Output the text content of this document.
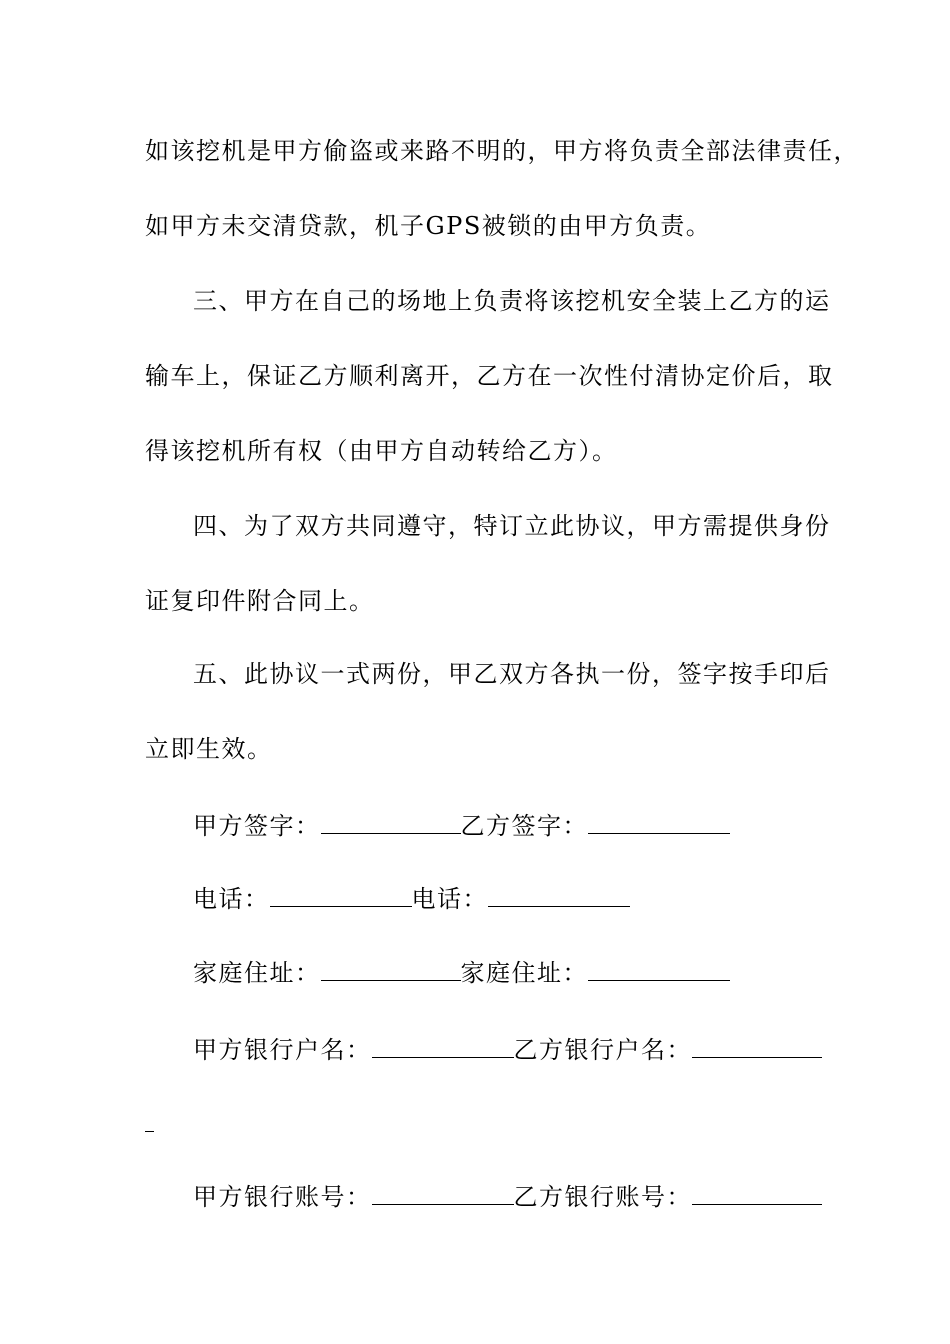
如该挖机是甲方偷盗或来路不明的，甲方将负责全部法律责任，
如甲方未交清贷款，机子GPS被锁的由甲方负责。
三、甲方在自己的场地上负责将该挖机安全装上乙方的运
输车上，保证乙方顺利离开，乙方在一次性付清协定价后，取
得该挖机所有权（由甲方自动转给乙方）。
四、为了双方共同遵守，特订立此协议，甲方需提供身份
证复印件附合同上。
五、此协议一式两份，甲乙双方各执一份，签字按手印后
立即生效。
甲方签字：	乙方签字：
电话：	电话：
家庭住址：	家庭住址：
甲方银行户名：	乙方银行户名：
甲方银行账号：	乙方银行账号：
